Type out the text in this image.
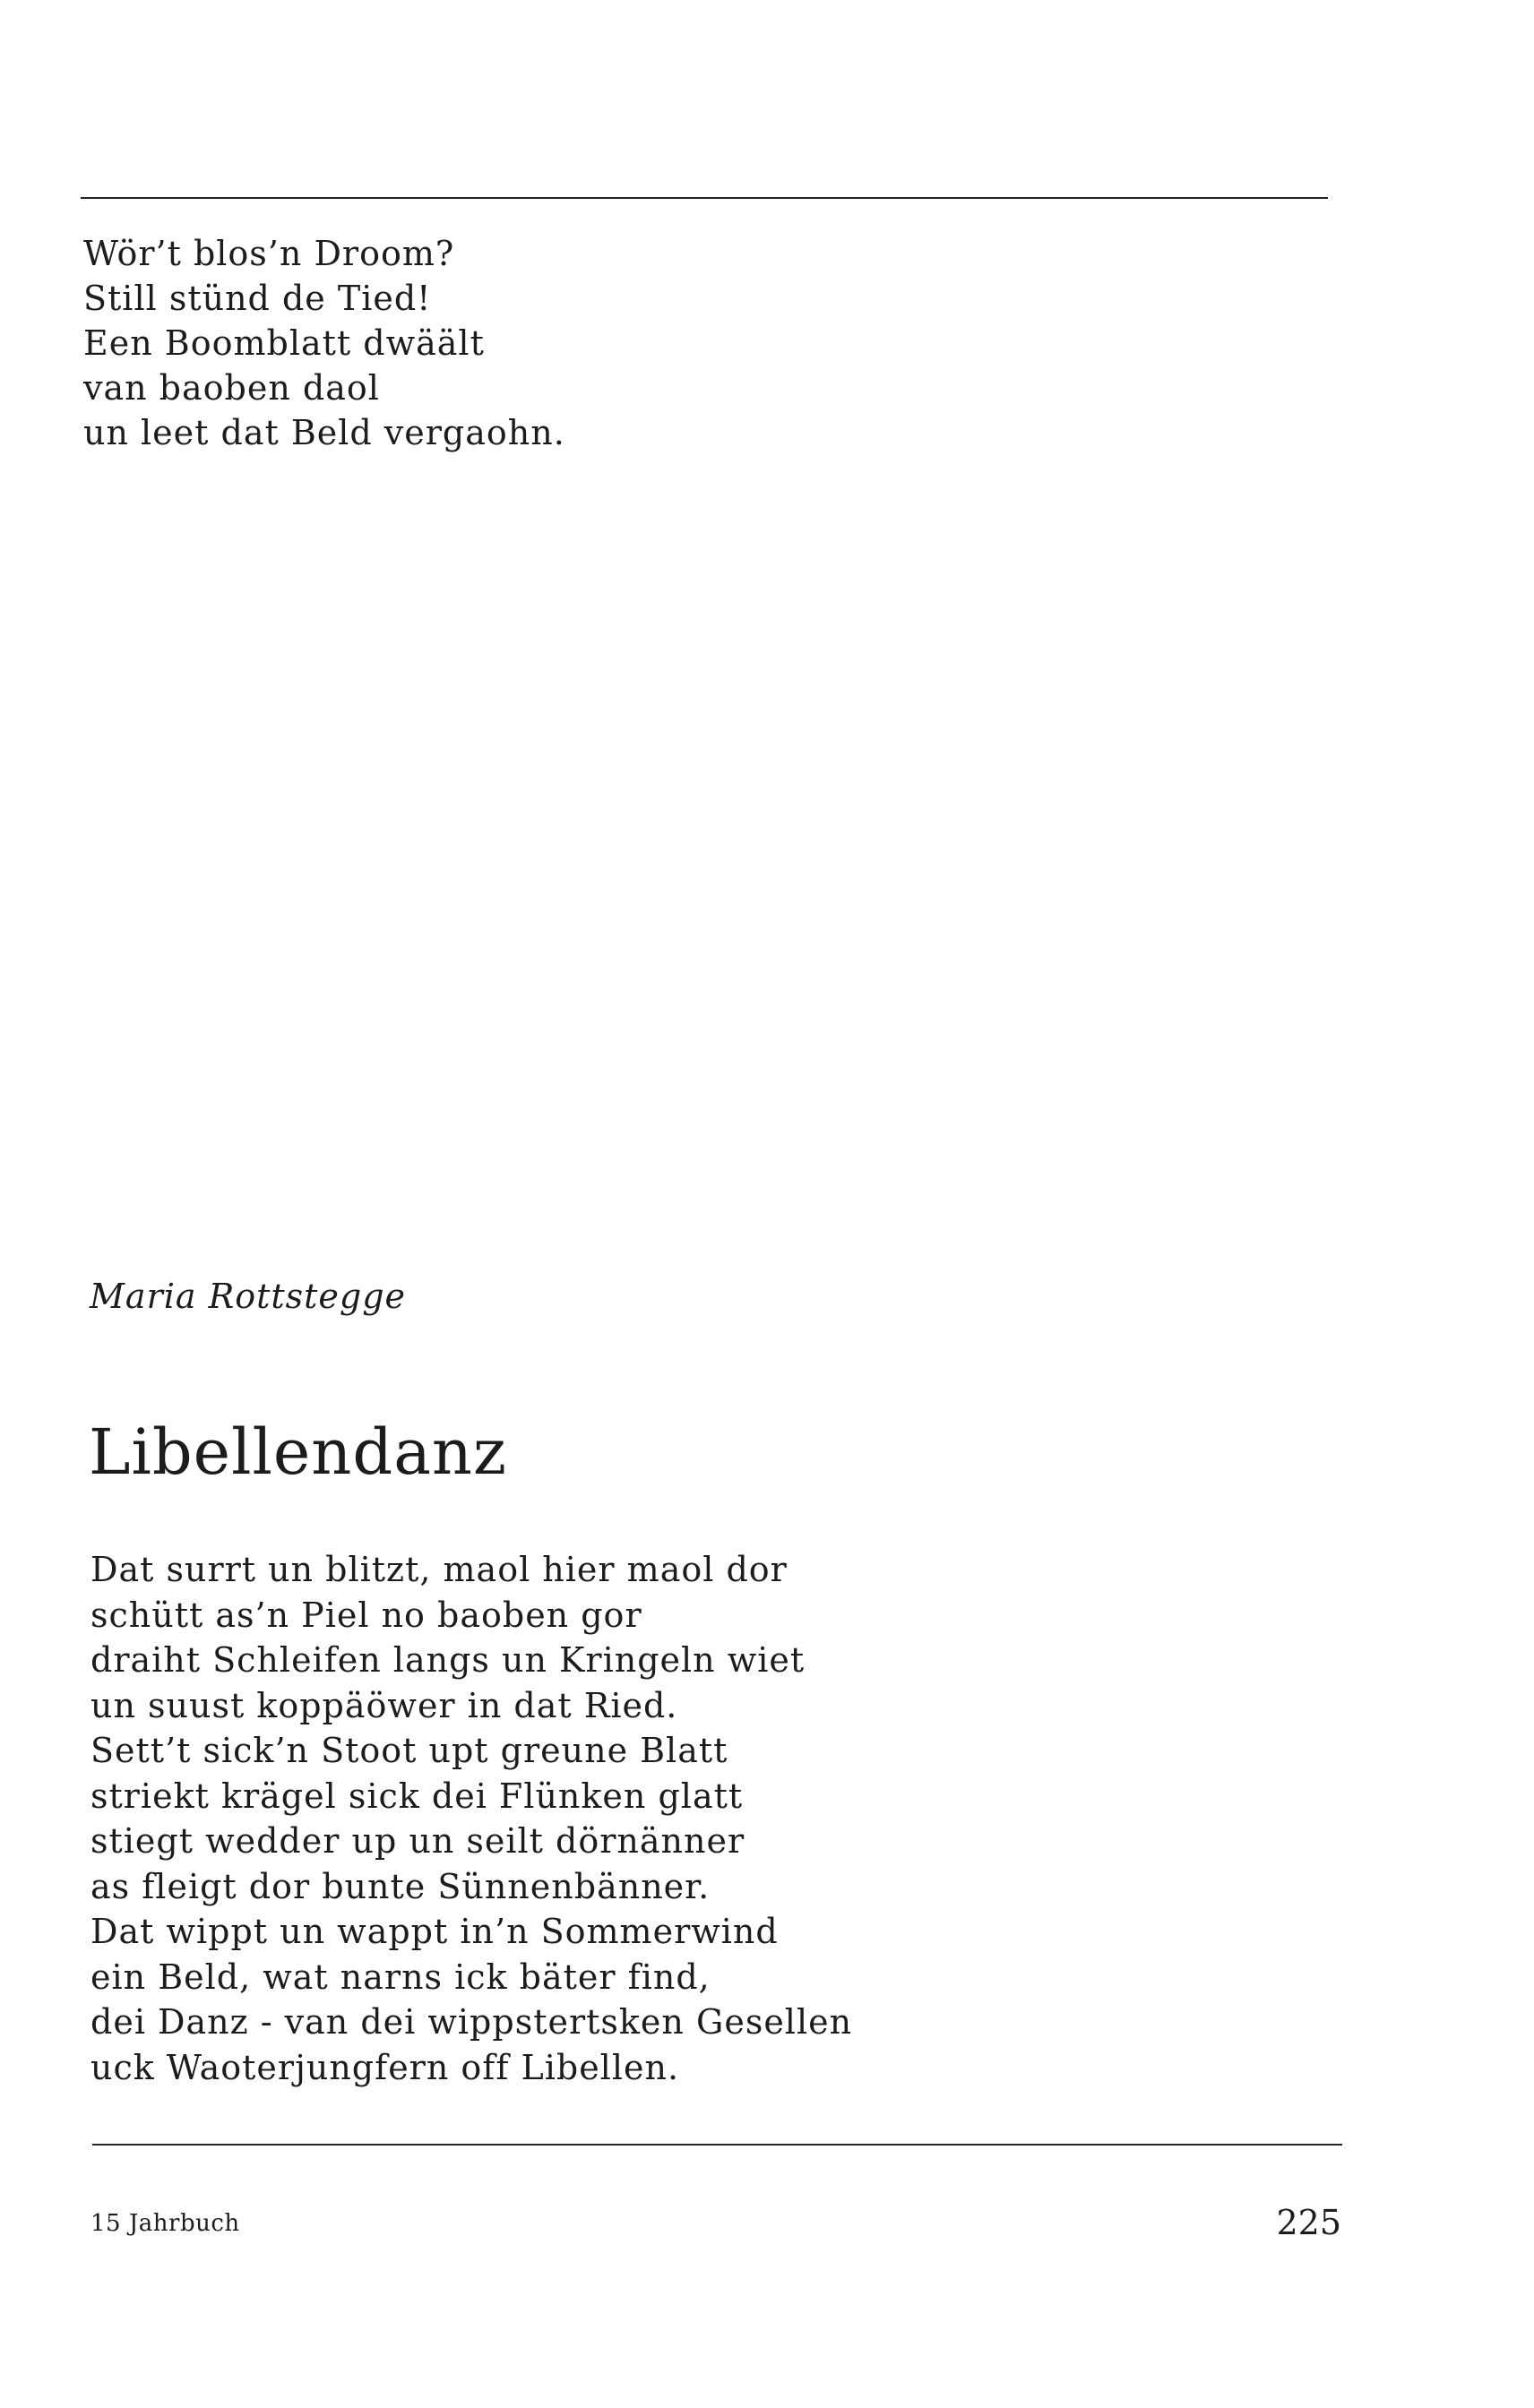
Wör’t blos’n Droom?
Still stünd de Tied!
Een Boomblatt dwäält
van baoben daol
un leet dat Beld vergaohn.
Maria Rottstegge
Libellendanz
Dat surrt un blitzt, maol hier maol dor
schütt as’n Piel no baoben gor
draiht Schleifen langs un Kringeln wiet
un suust koppäöwer in dat Ried.
Sett’t sick’n Stoot upt greune Blatt
striekt krägel sick dei Flünken glatt
stiegt wedder up un seilt dörnänner
as fleigt dor bunte Sünnenbänner.
Dat wippt un wappt in’n Sommerwind
ein Beld, wat narns ick bäter find,
dei Danz - van dei wippstertsken Gesellen
uck Waoterjungfern off Libellen.
15 Jahrbuch	225
